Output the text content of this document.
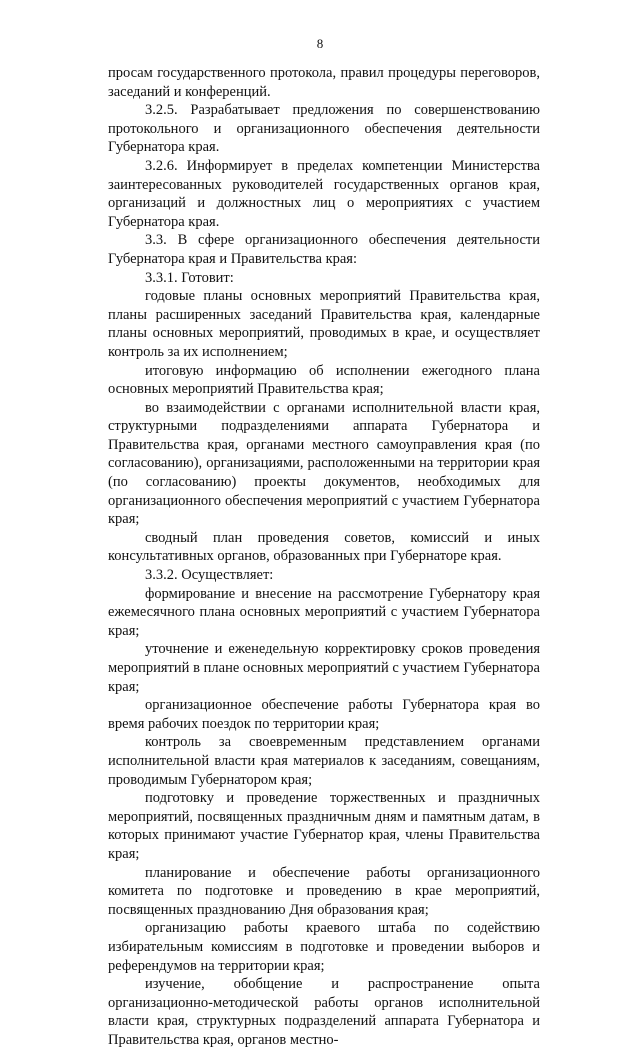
8

просам государственного протокола, правил процедуры переговоров, заседаний и конференций.

3.2.5. Разрабатывает предложения по совершенствованию протокольного и организационного обеспечения деятельности Губернатора края.

3.2.6. Информирует в пределах компетенции Министерства заинтересованных руководителей государственных органов края, организаций и должностных лиц о мероприятиях с участием Губернатора края.

3.3. В сфере организационного обеспечения деятельности Губернатора края и Правительства края:

3.3.1. Готовит:

годовые планы основных мероприятий Правительства края, планы расширенных заседаний Правительства края, календарные планы основных мероприятий, проводимых в крае, и осуществляет контроль за их исполнением;

итоговую информацию об исполнении ежегодного плана основных мероприятий Правительства края;

во взаимодействии с органами исполнительной власти края, структурными подразделениями аппарата Губернатора и Правительства края, органами местного самоуправления края (по согласованию), организациями, расположенными на территории края (по согласованию) проекты документов, необходимых для организационного обеспечения мероприятий с участием Губернатора края;

сводный план проведения советов, комиссий и иных консультативных органов, образованных при Губернаторе края.

3.3.2. Осуществляет:

формирование и внесение на рассмотрение Губернатору края ежемесячного плана основных мероприятий с участием Губернатора края;

уточнение и еженедельную корректировку сроков проведения мероприятий в плане основных мероприятий с участием Губернатора края;

организационное обеспечение работы Губернатора края во время рабочих поездок по территории края;

контроль за своевременным представлением органами исполнительной власти края материалов к заседаниям, совещаниям, проводимым Губернатором края;

подготовку и проведение торжественных и праздничных мероприятий, посвященных праздничным дням и памятным датам, в которых принимают участие Губернатор края, члены Правительства края;

планирование и обеспечение работы организационного комитета по подготовке и проведению в крае мероприятий, посвященных празднованию Дня образования края;

организацию работы краевого штаба по содействию избирательным комиссиям в подготовке и проведении выборов и референдумов на территории края;

изучение, обобщение и распространение опыта организационно-методической работы органов исполнительной власти края, структурных подразделений аппарата Губернатора и Правительства края, органов местно-
